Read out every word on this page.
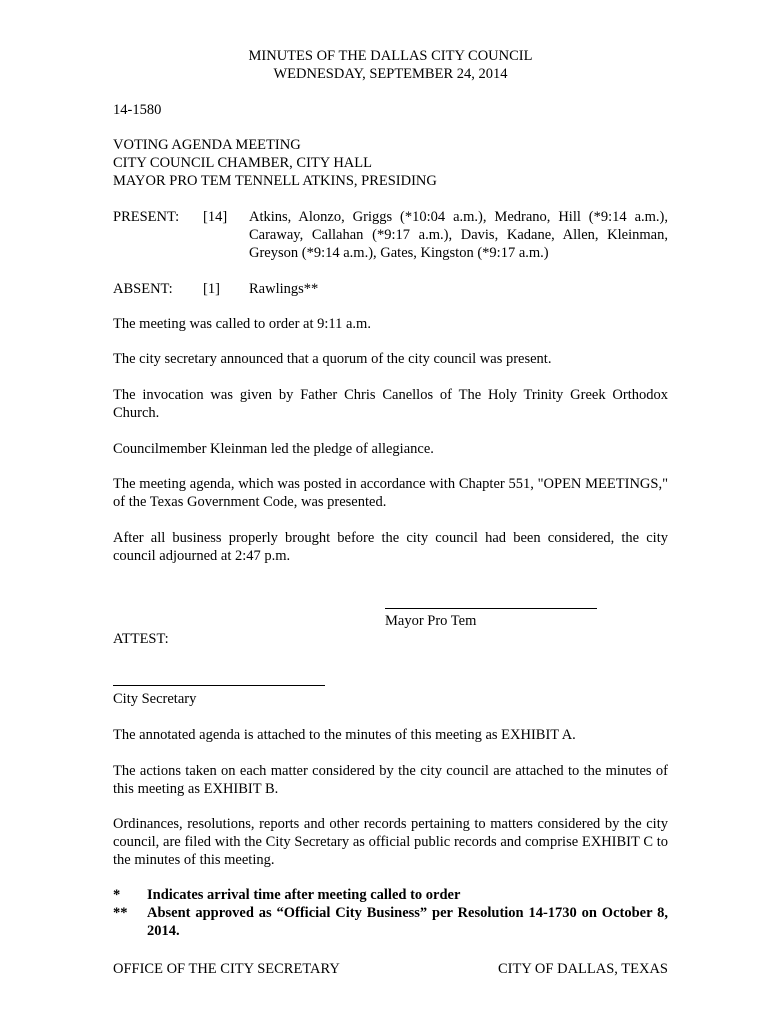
MINUTES OF THE DALLAS CITY COUNCIL
WEDNESDAY, SEPTEMBER 24, 2014
14-1580
VOTING AGENDA MEETING
CITY COUNCIL CHAMBER, CITY HALL
MAYOR PRO TEM TENNELL ATKINS, PRESIDING
PRESENT: [14] Atkins, Alonzo, Griggs (*10:04 a.m.), Medrano, Hill (*9:14 a.m.), Caraway, Callahan (*9:17 a.m.), Davis, Kadane, Allen, Kleinman, Greyson (*9:14 a.m.), Gates, Kingston (*9:17 a.m.)
ABSENT: [1] Rawlings**
The meeting was called to order at 9:11 a.m.
The city secretary announced that a quorum of the city council was present.
The invocation was given by Father Chris Canellos of The Holy Trinity Greek Orthodox Church.
Councilmember Kleinman led the pledge of allegiance.
The meeting agenda, which was posted in accordance with Chapter 551, "OPEN MEETINGS," of the Texas Government Code, was presented.
After all business properly brought before the city council had been considered, the city council adjourned at 2:47 p.m.
Mayor Pro Tem
ATTEST:
City Secretary
The annotated agenda is attached to the minutes of this meeting as EXHIBIT A.
The actions taken on each matter considered by the city council are attached to the minutes of this meeting as EXHIBIT B.
Ordinances, resolutions, reports and other records pertaining to matters considered by the city council, are filed with the City Secretary as official public records and comprise EXHIBIT C to the minutes of this meeting.
*	Indicates arrival time after meeting called to order
**	Absent approved as “Official City Business” per Resolution 14-1730 on October 8, 2014.
OFFICE OF THE CITY SECRETARY	CITY OF DALLAS, TEXAS
